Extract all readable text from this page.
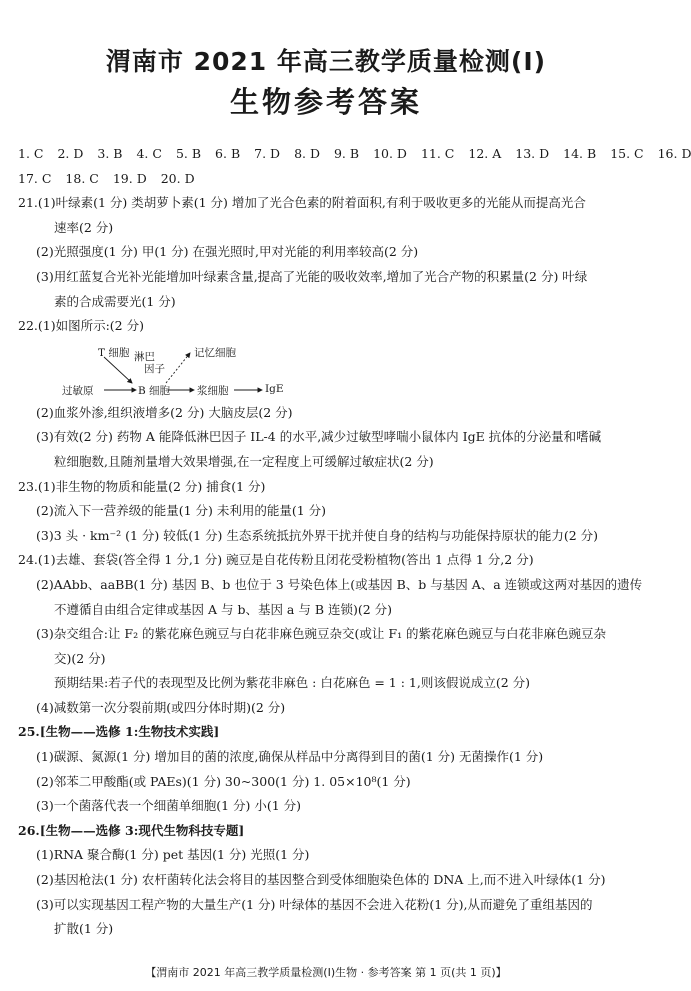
渭南市 2021 年高三教学质量检测(Ⅰ)
生物参考答案
1. C 2. D 3. B 4. C 5. B 6. B 7. D 8. D 9. B 10. D 11. C 12. A 13. D 14. B 15. C 16. D
17. C 18. C 19. D 20. D
21.(1)叶绿素(1 分) 类胡萝卜素(1 分) 增加了光合色素的附着面积,有利于吸收更多的光能从而提高光合
速率(2 分)
(2)光照强度(1 分) 甲(1 分) 在强光照时,甲对光能的利用率较高(2 分)
(3)用红蓝复合光补光能增加叶绿素含量,提高了光能的吸收效率,增加了光合产物的积累量(2 分) 叶绿
素的合成需要光(1 分)
22.(1)如图所示:(2 分)
T 细胞 淋巴
因子
记忆细胞
过敏原	B 细胞	浆细胞	IgE
(2)血浆外渗,组织液增多(2 分) 大脑皮层(2 分)
(3)有效(2 分) 药物 A 能降低淋巴因子 IL-4 的水平,减少过敏型哮喘小鼠体内 IgE 抗体的分泌量和嗜碱
粒细胞数,且随剂量增大效果增强,在一定程度上可缓解过敏症状(2 分)
23.(1)非生物的物质和能量(2 分) 捕食(1 分)
(2)流入下一营养级的能量(1 分) 未利用的能量(1 分)
(3)3 头 · km⁻² (1 分) 较低(1 分) 生态系统抵抗外界干扰并使自身的结构与功能保持原状的能力(2 分)
24.(1)去雄、套袋(答全得 1 分,1 分) 豌豆是自花传粉且闭花受粉植物(答出 1 点得 1 分,2 分)
(2)AAbb、aaBB(1 分) 基因 B、b 也位于 3 号染色体上(或基因 B、b 与基因 A、a 连锁或这两对基因的遗传
不遵循自由组合定律或基因 A 与 b、基因 a 与 B 连锁)(2 分)
(3)杂交组合:让 F₂ 的紫花麻色豌豆与白花非麻色豌豆杂交(或让 F₁ 的紫花麻色豌豆与白花非麻色豌豆杂
交)(2 分)
预期结果:若子代的表现型及比例为紫花非麻色 : 白花麻色 = 1 : 1,则该假说成立(2 分)
(4)减数第一次分裂前期(或四分体时期)(2 分)
25.[生物——选修 1:生物技术实践]
(1)碳源、氮源(1 分) 增加目的菌的浓度,确保从样品中分离得到目的菌(1 分) 无菌操作(1 分)
(2)邻苯二甲酸酯(或 PAEs)(1 分) 30~300(1 分) 1. 05×10⁸(1 分)
(3)一个菌落代表一个细菌单细胞(1 分) 小(1 分)
26.[生物——选修 3:现代生物科技专题]
(1)RNA 聚合酶(1 分) pet 基因(1 分) 光照(1 分)
(2)基因枪法(1 分) 农杆菌转化法会将目的基因整合到受体细胞染色体的 DNA 上,而不进入叶绿体(1 分)
(3)可以实现基因工程产物的大量生产(1 分) 叶绿体的基因不会进入花粉(1 分),从而避免了重组基因的
扩散(1 分)
【渭南市 2021 年高三教学质量检测(Ⅰ)生物 · 参考答案 第 1 页(共 1 页)】
